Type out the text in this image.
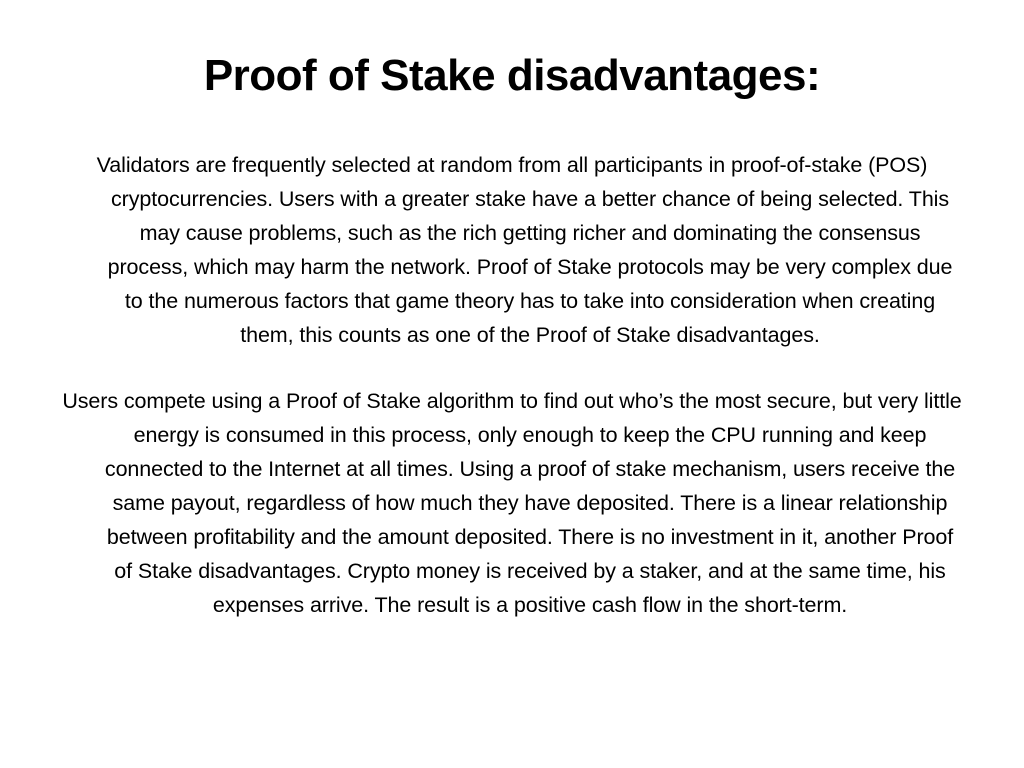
Proof of Stake disadvantages:

Validators are frequently selected at random from all participants in proof-of-stake (POS) cryptocurrencies. Users with a greater stake have a better chance of being selected. This may cause problems, such as the rich getting richer and dominating the consensus process, which may harm the network. Proof of Stake protocols may be very complex due to the numerous factors that game theory has to take into consideration when creating them, this counts as one of the Proof of Stake disadvantages.

Users compete using a Proof of Stake algorithm to find out who’s the most secure, but very little energy is consumed in this process, only enough to keep the CPU running and keep connected to the Internet at all times. Using a proof of stake mechanism, users receive the same payout, regardless of how much they have deposited. There is a linear relationship between profitability and the amount deposited. There is no investment in it, another Proof of Stake disadvantages. Crypto money is received by a staker, and at the same time, his expenses arrive. The result is a positive cash flow in the short-term.
